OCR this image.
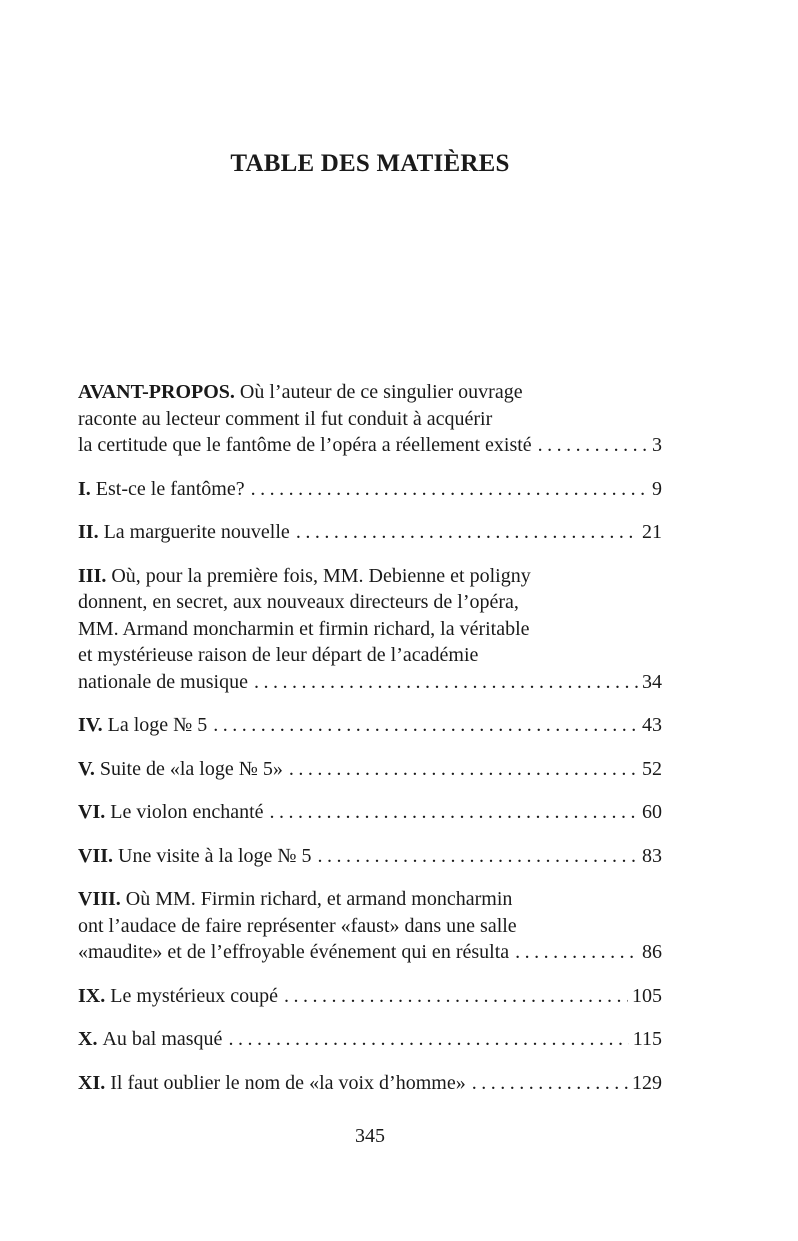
TABLE DES MATIÈRES
AVANT-PROPOS.
Où l’auteur de ce singulier ouvrage
raconte au lecteur comment il fut conduit à acquérir
la certitude que le fantôme de l’opéra a réellement existé . . .	3
I.
Est-ce le fantôme? . . .	9
II.
La marguerite nouvelle . . .	21
III.
Où, pour la première fois, MM. Debienne et poligny
donnent, en secret, aux nouveaux directeurs de l’opéra,
MM. Armand moncharmin et firmin richard, la véritable
et mystérieuse raison de leur départ de l’académie
nationale de musique . . .	34
IV.
La loge № 5 . . .	43
V.
Suite de «la loge № 5» . . .	52
VI.
Le violon enchanté . . .	60
VII.
Une visite à la loge № 5 . . .	83
VIII.
Où MM. Firmin richard, et armand moncharmin
ont l’audace de faire représenter «faust» dans une salle
«maudite» et de l’effroyable événement qui en résulta . . .	86
IX.
Le mystérieux coupé . . .	105
X.
Au bal masqué . . .	115
XI.
Il faut oublier le nom de «la voix d’homme» . . .	129
345
